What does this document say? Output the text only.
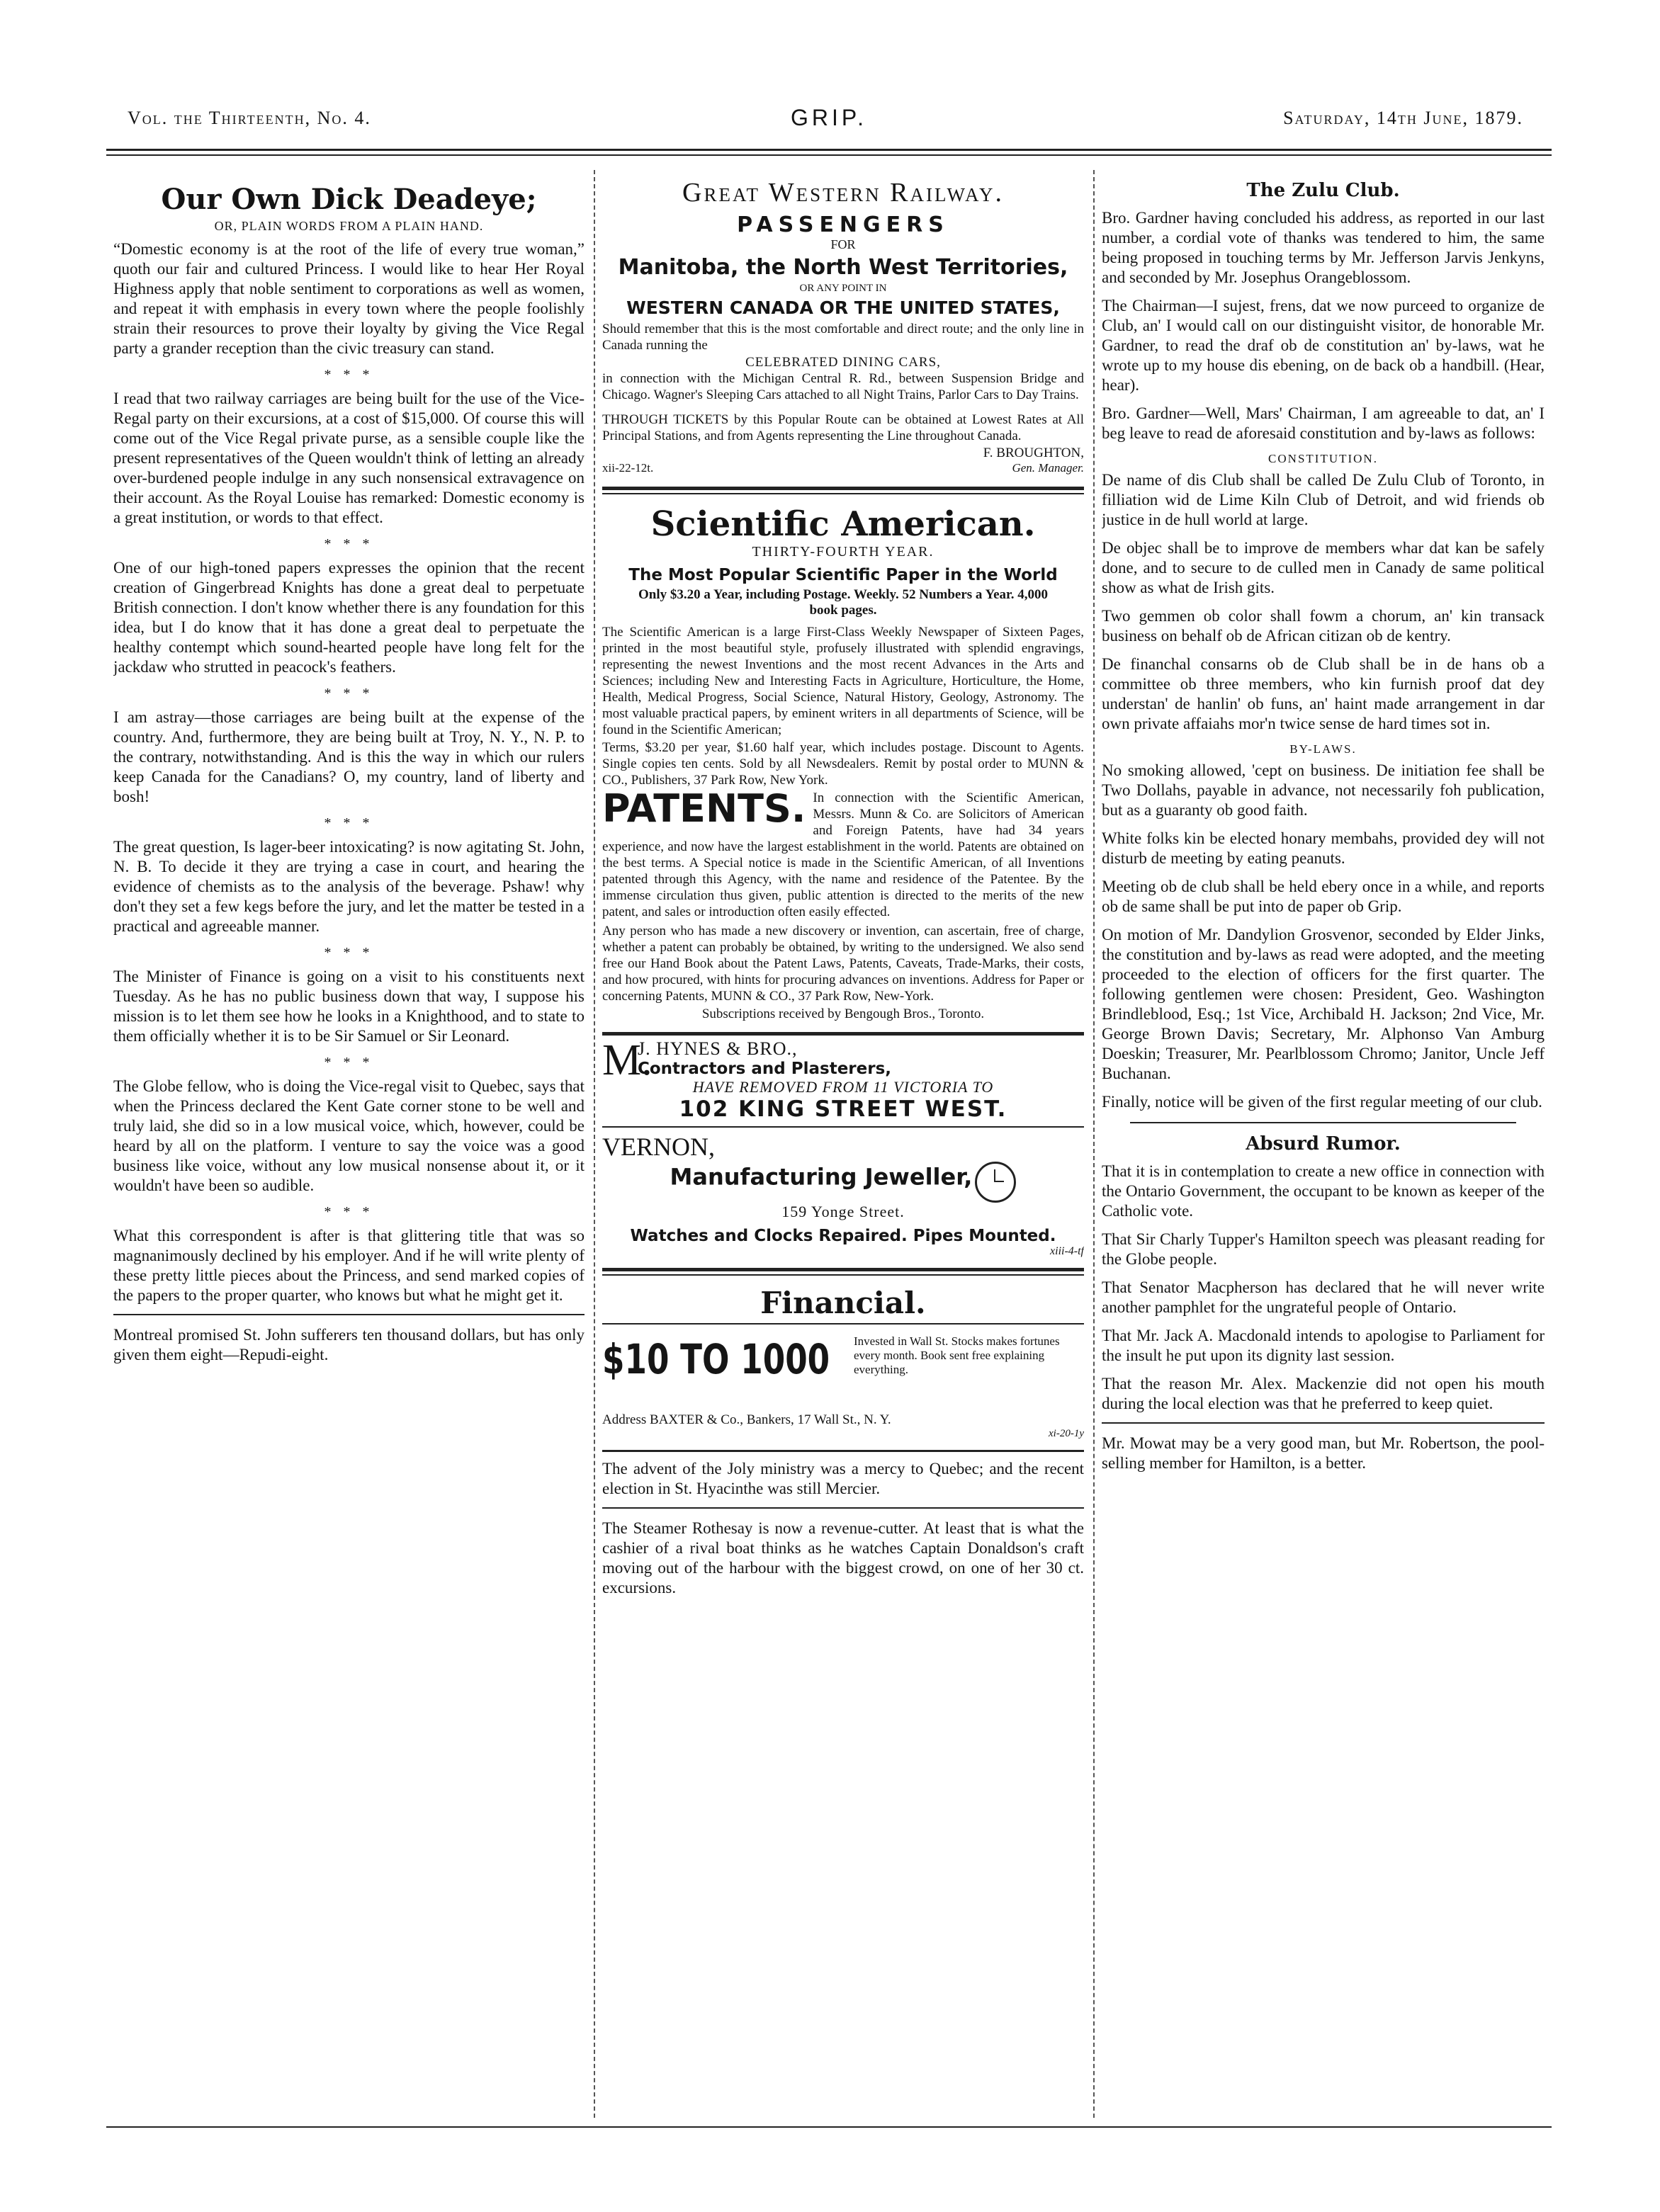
Vol. the Thirteenth, No. 4.	GRIP.	Saturday, 14th June, 1879.
Our Own Dick Deadeye;
OR, PLAIN WORDS FROM A PLAIN HAND.

“Domestic economy is at the root of the life of every true woman,” quoth our fair and cultured Princess. I would like to hear Her Royal Highness apply that noble sentiment to corporations as well as women, and repeat it with emphasis in every town where the people foolishly strain their resources to prove their loyalty by giving the Vice Regal party a grander reception than the civic treasury can stand.

* * *

I read that two railway carriages are being built for the use of the Vice-Regal party on their excursions, at a cost of $15,000. Of course this will come out of the Vice Regal private purse, as a sensible couple like the present representatives of the Queen wouldn't think of letting an already over-burdened people indulge in any such nonsensical extravagence on their account. As the Royal Louise has remarked: Domestic economy is a great institution, or words to that effect.

* * *

One of our high-toned papers expresses the opinion that the recent creation of Gingerbread Knights has done a great deal to perpetuate British connection. I don't know whether there is any foundation for this idea, but I do know that it has done a great deal to perpetuate the healthy contempt which sound-hearted people have long felt for the jackdaw who strutted in peacock's feathers.

* * *

I am astray—those carriages are being built at the expense of the country. And, furthermore, they are being built at Troy, N. Y., N. P. to the contrary, notwithstanding. And is this the way in which our rulers keep Canada for the Canadians? O, my country, land of liberty and bosh!

* * *

The great question, Is lager-beer intoxicating? is now agitating St. John, N. B. To decide it they are trying a case in court, and hearing the evidence of chemists as to the analysis of the beverage. Pshaw! why don't they set a few kegs before the jury, and let the matter be tested in a practical and agreeable manner.

* * *

The Minister of Finance is going on a visit to his constituents next Tuesday. As he has no public business down that way, I suppose his mission is to let them see how he looks in a Knighthood, and to state to them officially whether it is to be Sir Samuel or Sir Leonard.

* * *

The Globe fellow, who is doing the Vice-regal visit to Quebec, says that when the Princess declared the Kent Gate corner stone to be well and truly laid, she did so in a low musical voice, which, however, could be heard by all on the platform. I venture to say the voice was a good business like voice, without any low musical nonsense about it, or it wouldn't have been so audible.

* * *

What this correspondent is after is that glittering title that was so magnanimously declined by his employer. And if he will write plenty of these pretty little pieces about the Princess, and send marked copies of the papers to the proper quarter, who knows but what he might get it.

Montreal promised St. John sufferers ten thousand dollars, but has only given them eight—Repudi-eight.

Great Western Railway.
PASSENGERS
FOR
Manitoba, the North West Territories,
OR ANY POINT IN
WESTERN CANADA OR THE UNITED STATES,

Should remember that this is the most comfortable and direct route; and the only line in Canada running the

CELEBRATED DINING CARS,

in connection with the Michigan Central R. Rd., between Suspension Bridge and Chicago. Wagner's Sleeping Cars attached to all Night Trains, Parlor Cars to Day Trains.

THROUGH TICKETS by this Popular Route can be obtained at Lowest Rates at All Principal Stations, and from Agents representing the Line throughout Canada.

F. BROUGHTON,
xii-22-12t.	Gen. Manager.
Scientific American.
THIRTY-FOURTH YEAR.
The Most Popular Scientific Paper in the World
Only $3.20 a Year, including Postage. Weekly. 52 Numbers a Year. 4,000 book pages.

The Scientific American is a large First-Class Weekly Newspaper of Sixteen Pages, printed in the most beautiful style, profusely illustrated with splendid engravings, representing the newest Inventions and the most recent Advances in the Arts and Sciences; including New and Interesting Facts in Agriculture, Horticulture, the Home, Health, Medical Progress, Social Science, Natural History, Geology, Astronomy. The most valuable practical papers, by eminent writers in all departments of Science, will be found in the Scientific American;

Terms, $3.20 per year, $1.60 half year, which includes postage. Discount to Agents. Single copies ten cents. Sold by all Newsdealers. Remit by postal order to MUNN & CO., Publishers, 37 Park Row, New York.

PATENTS. In connection with the Scientific American, Messrs. Munn & Co. are Solicitors of American and Foreign Patents, have had 34 years experience, and now have the largest establishment in the world. Patents are obtained on the best terms. A Special notice is made in the Scientific American, of all Inventions patented through this Agency, with the name and residence of the Patentee. By the immense circulation thus given, public attention is directed to the merits of the new patent, and sales or introduction often easily effected.

Any person who has made a new discovery or invention, can ascertain, free of charge, whether a patent can probably be obtained, by writing to the undersigned. We also send free our Hand Book about the Patent Laws, Patents, Caveats, Trade-Marks, their costs, and how procured, with hints for procuring advances on inventions. Address for Paper or concerning Patents, MUNN & CO., 37 Park Row, New-York.

Subscriptions received by Bengough Bros., Toronto.
M.
J. HYNES & BRO.,
Contractors and Plasterers,
HAVE REMOVED FROM 11 VICTORIA TO
102 KING STREET WEST.
VERNON,
Manufacturing Jeweller,
159 Yonge Street.
Watches and Clocks Repaired. Pipes Mounted.
xiii-4-tf
Financial.
$10 TO 1000 Invested in Wall St. Stocks makes fortunes every month. Book sent free explaining everything.
Address BAXTER & Co., Bankers, 17 Wall St., N. Y.
xi-20-1y

The advent of the Joly ministry was a mercy to Quebec; and the recent election in St. Hyacinthe was still Mercier.

The Steamer Rothesay is now a revenue-cutter. At least that is what the cashier of a rival boat thinks as he watches Captain Donaldson's craft moving out of the harbour with the biggest crowd, on one of her 30 ct. excursions.

The Zulu Club.

Bro. Gardner having concluded his address, as reported in our last number, a cordial vote of thanks was tendered to him, the same being proposed in touching terms by Mr. Jefferson Jarvis Jenkyns, and seconded by Mr. Josephus Orangeblossom.

The Chairman—I sujest, frens, dat we now purceed to organize de Club, an' I would call on our distinguisht visitor, de honorable Mr. Gardner, to read the draf ob de constitution an' by-laws, wat he wrote up to my house dis ebening, on de back ob a handbill. (Hear, hear).

Bro. Gardner—Well, Mars' Chairman, I am agreeable to dat, an' I beg leave to read de aforesaid constitution and by-laws as follows:

CONSTITUTION.

De name of dis Club shall be called De Zulu Club of Toronto, in filliation wid de Lime Kiln Club of Detroit, and wid friends ob justice in de hull world at large.

De objec shall be to improve de members whar dat kan be safely done, and to secure to de culled men in Canady de same political show as what de Irish gits.

Two gemmen ob color shall fowm a chorum, an' kin transack business on behalf ob de African citizan ob de kentry.

De financhal consarns ob de Club shall be in de hans ob a committee ob three members, who kin furnish proof dat dey understan' de hanlin' ob funs, an' haint made arrangement in dar own private affaiahs mor'n twice sense de hard times sot in.

BY-LAWS.

No smoking allowed, 'cept on business. De initiation fee shall be Two Dollahs, payable in advance, not necessarily foh publication, but as a guaranty ob good faith.

White folks kin be elected honary membahs, provided dey will not disturb de meeting by eating peanuts.

Meeting ob de club shall be held ebery once in a while, and reports ob de same shall be put into de paper ob Grip.

On motion of Mr. Dandylion Grosvenor, seconded by Elder Jinks, the constitution and by-laws as read were adopted, and the meeting proceeded to the election of officers for the first quarter. The following gentlemen were chosen: President, Geo. Washington Brindleblood, Esq.; 1st Vice, Archibald H. Jackson; 2nd Vice, Mr. George Brown Davis; Secretary, Mr. Alphonso Van Amburg Doeskin; Treasurer, Mr. Pearlblossom Chromo; Janitor, Uncle Jeff Buchanan.

Finally, notice will be given of the first regular meeting of our club.

Absurd Rumor.

That it is in contemplation to create a new office in connection with the Ontario Government, the occupant to be known as keeper of the Catholic vote.

That Sir Charly Tupper's Hamilton speech was pleasant reading for the Globe people.

That Senator Macpherson has declared that he will never write another pamphlet for the ungrateful people of Ontario.

That Mr. Jack A. Macdonald intends to apologise to Parliament for the insult he put upon its dignity last session.

That the reason Mr. Alex. Mackenzie did not open his mouth during the local election was that he preferred to keep quiet.

Mr. Mowat may be a very good man, but Mr. Robertson, the pool-selling member for Hamilton, is a better.
